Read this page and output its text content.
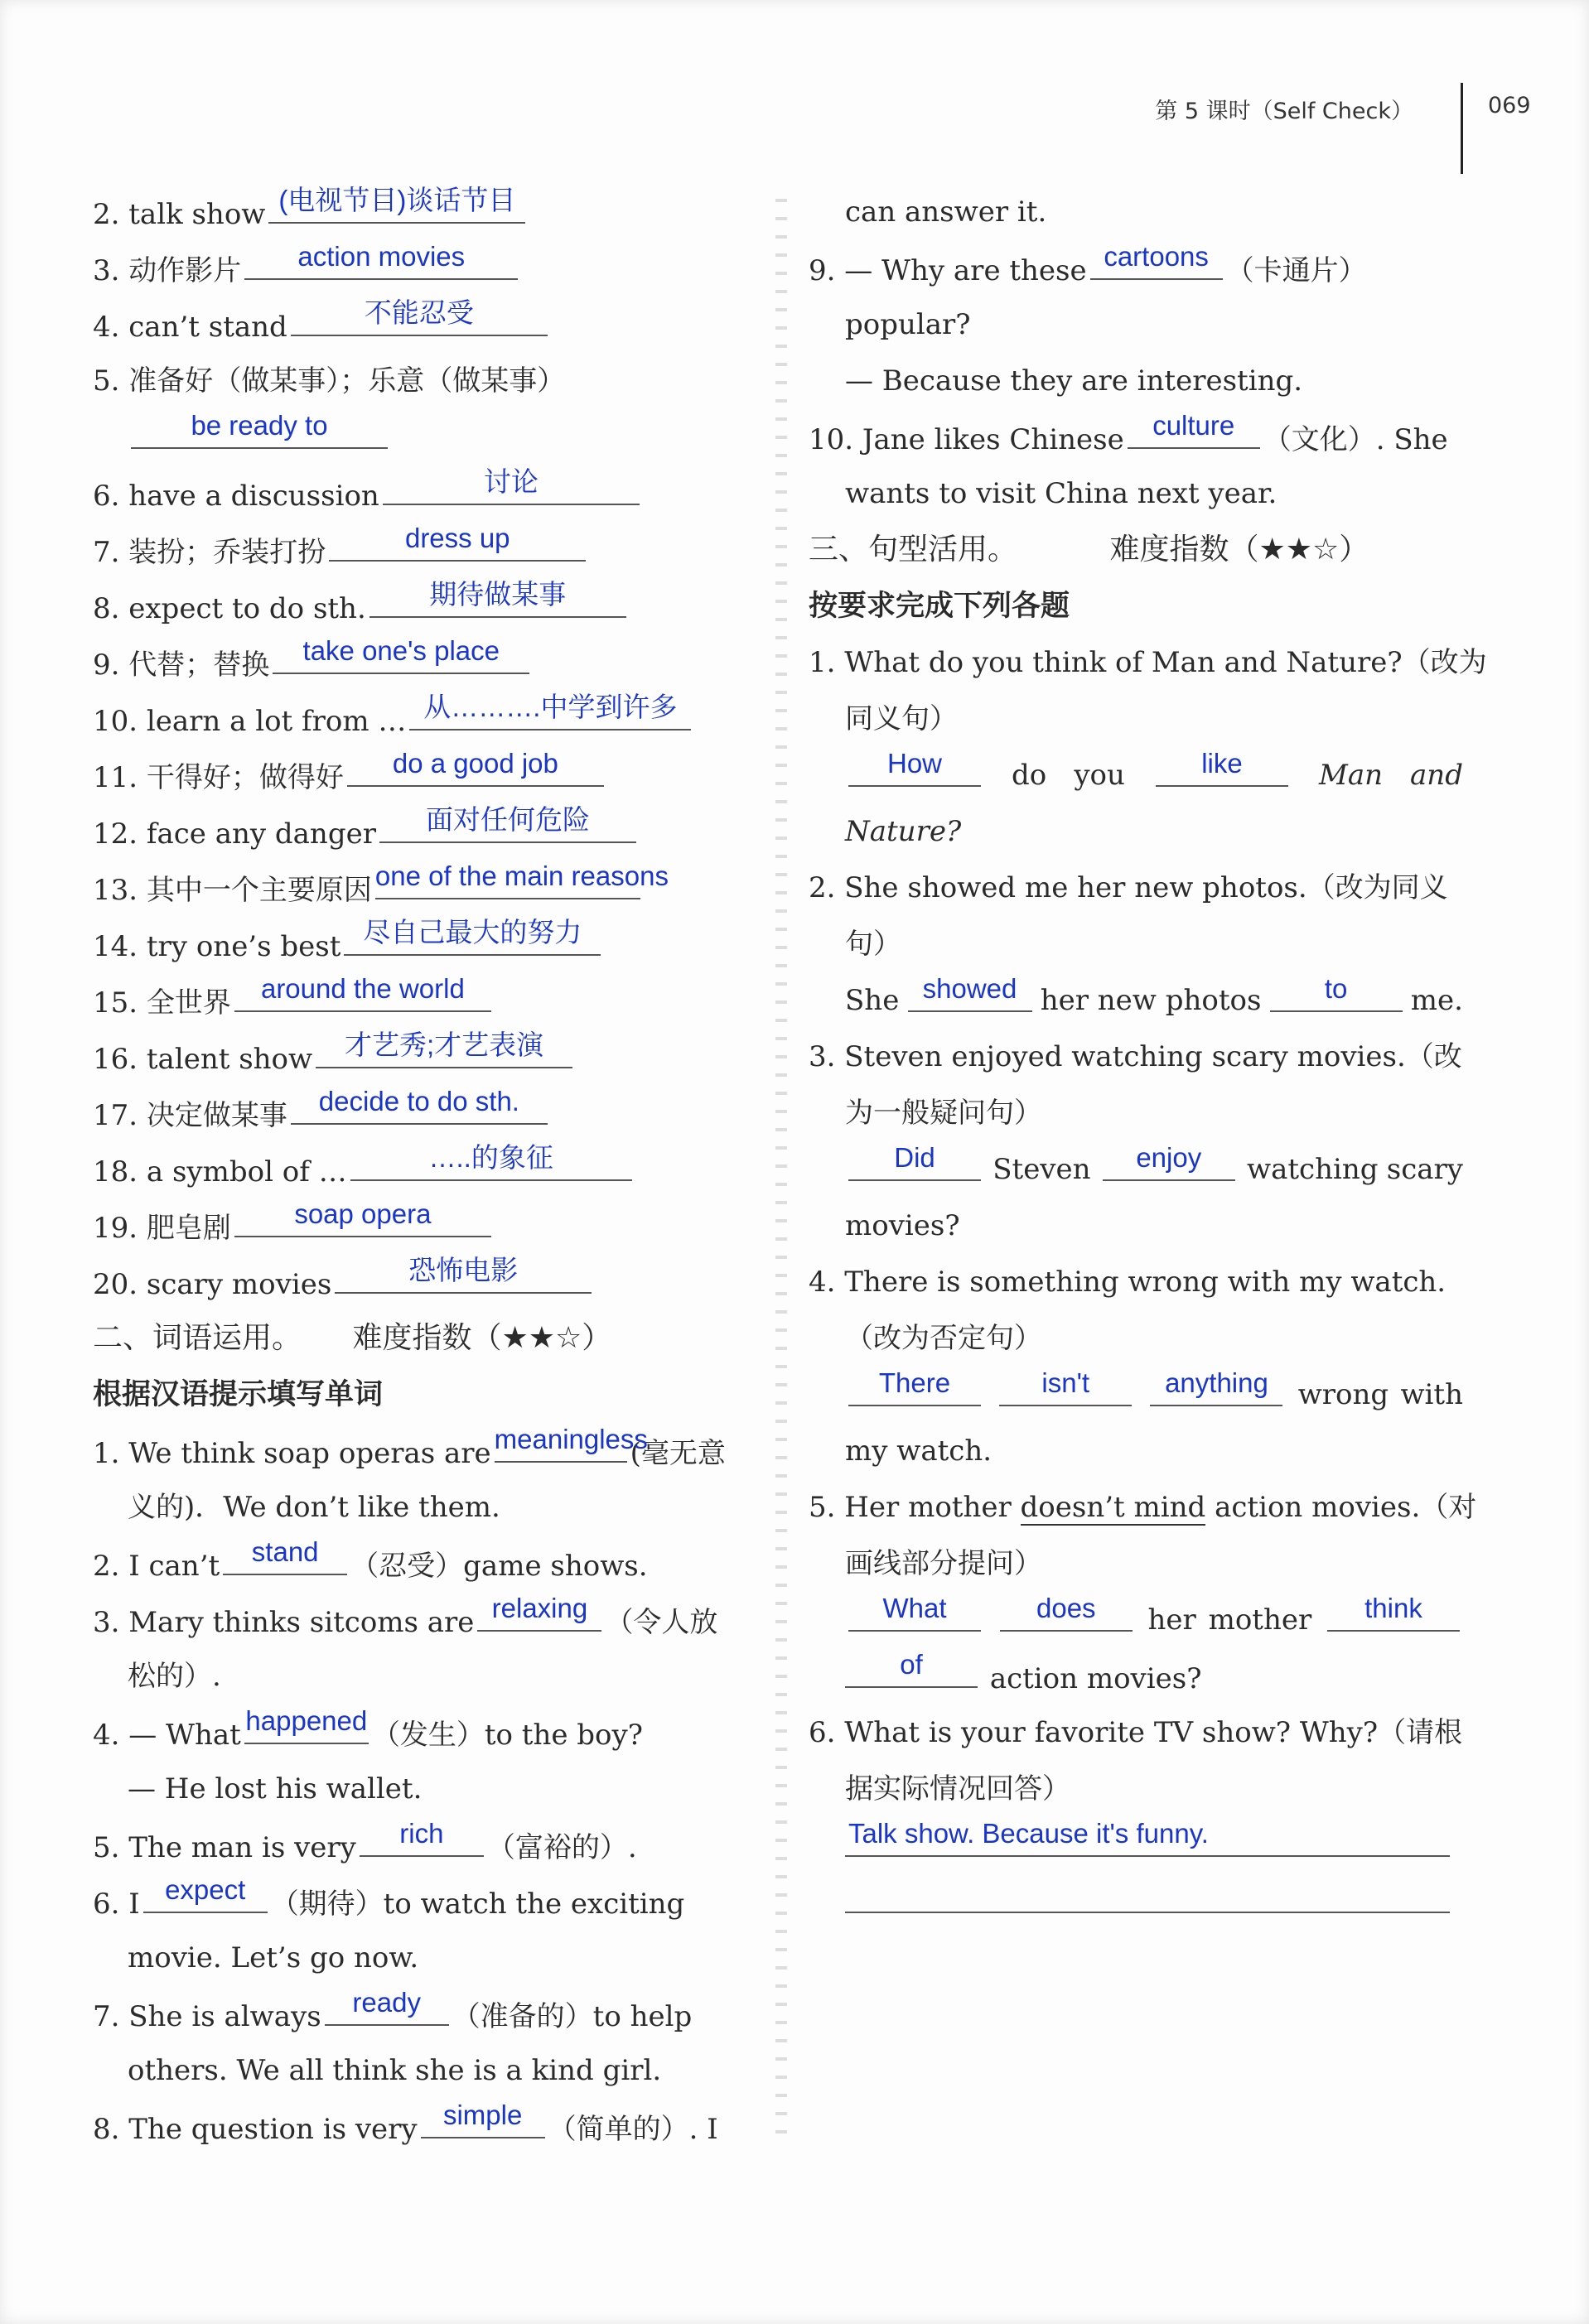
第 5 课时（Self Check）	069
2. talk show (电视节目)谈话节目
3. 动作影片	action movies
4. can’t stand	不能忍受
5. 准备好（做某事）；乐意（做某事）
be ready to
6. have a discussion	讨论
7. 装扮；乔装打扮	dress up
8. expect to do sth.	期待做某事
9. 代替；替换	take one's place
10. learn a lot from … 从……….中学到许多
11. 干得好；做得好	do a good job
12. face any danger	面对任何危险
13. 其中一个主要原因 one of the main reasons
14. try one’s best 尽自己最大的努力
15. 全世界	around the world
16. talent show	才艺秀;才艺表演
17. 决定做某事	decide to do sth.
18. a symbol of …	…..的象征
19. 肥皂剧	soap opera
20. scary movies	恐怖电影
二、词语运用。 难度指数（★★☆）
根据汉语提示填写单词
1. We think soap operas are meaningless
(毫无意
义的)．We don’t like them.
2. I can’t	stand	（忍受）game shows.
3. Mary thinks sitcoms are relaxing （令人放
松的）.
4. — What happened （发生）to the boy?
— He lost his wallet.
5. The man is very	rich	（富裕的）.
6. I expect （期待）to watch the exciting
movie. Let’s go now.
7. She is always	ready	（准备的）to help
others. We all think she is a kind girl.
8. The question is very simple （简单的）. I
can answer it.
9. — Why are these cartoons （卡通片）
popular?
— Because they are interesting.
10. Jane likes Chinese	culture	（文化）. She
wants to visit China next year.
三、句型活用。	难度指数（★★☆）
按要求完成下列各题
1. What do you think of Man and Nature?（改为
同义句）
How	do you	like	Man and
Nature?
2. She showed me her new photos.（改为同义
句）
She showed her new photos	to	me.
3. Steven enjoyed watching scary movies.（改
为一般疑问句）
Did	Steven	enjoy	watching scary
movies?
4. There is something wrong with my watch.
（改为否定句）
There	isn't	anything	wrong with
my watch.
5. Her mother doesn’t mind action movies.（对
画线部分提问）
What	does	her mother	think
of	action movies?
6. What is your favorite TV show? Why?（请根
据实际情况回答）
Talk show. Because it's funny.
